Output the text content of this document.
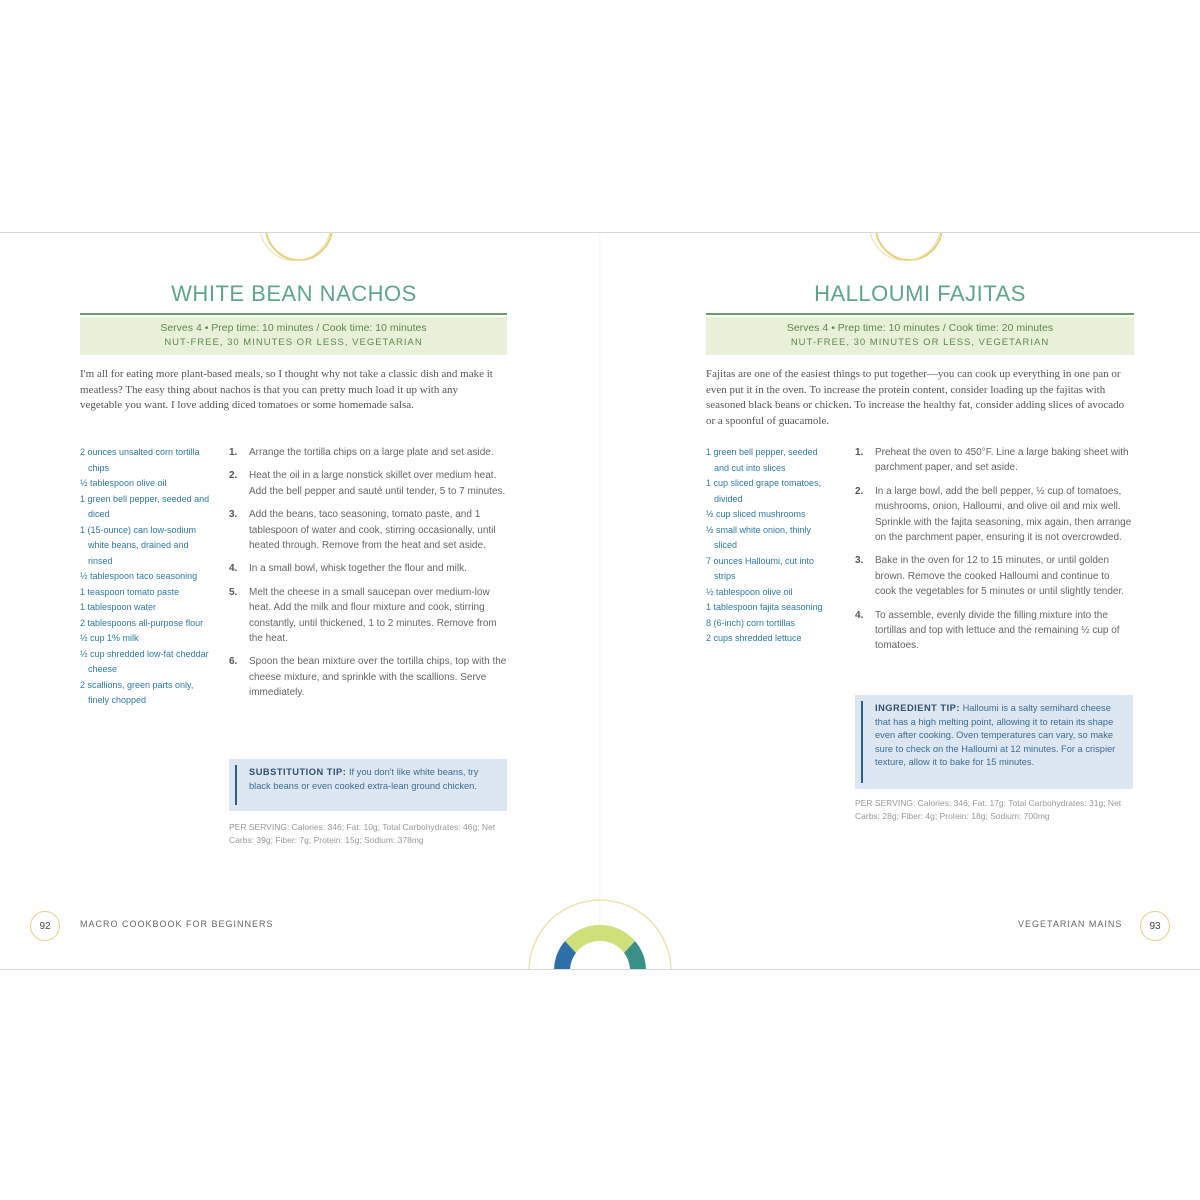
WHITE BEAN NACHOS
Serves 4 • Prep time: 10 minutes / Cook time: 10 minutes
NUT-FREE, 30 MINUTES OR LESS, VEGETARIAN

I'm all for eating more plant-based meals, so I thought why not take a classic dish and make it meatless? The easy thing about nachos is that you can pretty much load it up with any vegetable you want. I love adding diced tomatoes or some homemade salsa.

2 ounces unsalted corn tortilla chips
½ tablespoon olive oil
1 green bell pepper, seeded and diced
1 (15-ounce) can low-sodium white beans, drained and rinsed
½ tablespoon taco seasoning
1 teaspoon tomato paste
1 tablespoon water
2 tablespoons all-purpose flour
½ cup 1% milk
½ cup shredded low-fat cheddar cheese
2 scallions, green parts only, finely chopped
1. Arrange the tortilla chips on a large plate and set aside.
2. Heat the oil in a large nonstick skillet over medium heat. Add the bell pepper and sauté until tender, 5 to 7 minutes.
3. Add the beans, taco seasoning, tomato paste, and 1 tablespoon of water and cook, stirring occasionally, until heated through. Remove from the heat and set aside.
4. In a small bowl, whisk together the flour and milk.
5. Melt the cheese in a small saucepan over medium-low heat. Add the milk and flour mixture and cook, stirring constantly, until thickened, 1 to 2 minutes. Remove from the heat.
6. Spoon the bean mixture over the tortilla chips, top with the cheese mixture, and sprinkle with the scallions. Serve immediately.
SUBSTITUTION TIP: If you don't like white beans, try black beans or even cooked extra-lean ground chicken.
PER SERVING: Calories: 346; Fat: 10g; Total Carbohydrates: 46g; Net Carbs: 39g; Fiber: 7g; Protein: 15g; Sodium: 378mg
92	MACRO COOKBOOK FOR BEGINNERS
HALLOUMI FAJITAS
Serves 4 • Prep time: 10 minutes / Cook time: 20 minutes
NUT-FREE, 30 MINUTES OR LESS, VEGETARIAN

Fajitas are one of the easiest things to put together—you can cook up everything in one pan or even put it in the oven. To increase the protein content, consider loading up the fajitas with seasoned black beans or chicken. To increase the healthy fat, consider adding slices of avocado or a spoonful of guacamole.

1 green bell pepper, seeded and cut into slices
1 cup sliced grape tomatoes, divided
½ cup sliced mushrooms
½ small white onion, thinly sliced
7 ounces Halloumi, cut into strips
½ tablespoon olive oil
1 tablespoon fajita seasoning
8 (6-inch) corn tortillas
2 cups shredded lettuce
1. Preheat the oven to 450°F. Line a large baking sheet with parchment paper, and set aside.
2. In a large bowl, add the bell pepper, ½ cup of tomatoes, mushrooms, onion, Halloumi, and olive oil and mix well. Sprinkle with the fajita seasoning, mix again, then arrange on the parchment paper, ensuring it is not overcrowded.
3. Bake in the oven for 12 to 15 minutes, or until golden brown. Remove the cooked Halloumi and continue to cook the vegetables for 5 minutes or until slightly tender.
4. To assemble, evenly divide the filling mixture into the tortillas and top with lettuce and the remaining ½ cup of tomatoes.
INGREDIENT TIP: Halloumi is a salty semihard cheese that has a high melting point, allowing it to retain its shape even after cooking. Oven temperatures can vary, so make sure to check on the Halloumi at 12 minutes. For a crispier texture, allow it to bake for 15 minutes.
PER SERVING: Calories: 346; Fat: 17g; Total Carbohydrates: 31g; Net Carbs: 28g; Fiber: 4g; Protein: 18g; Sodium: 700mg
VEGETARIAN MAINS	93
